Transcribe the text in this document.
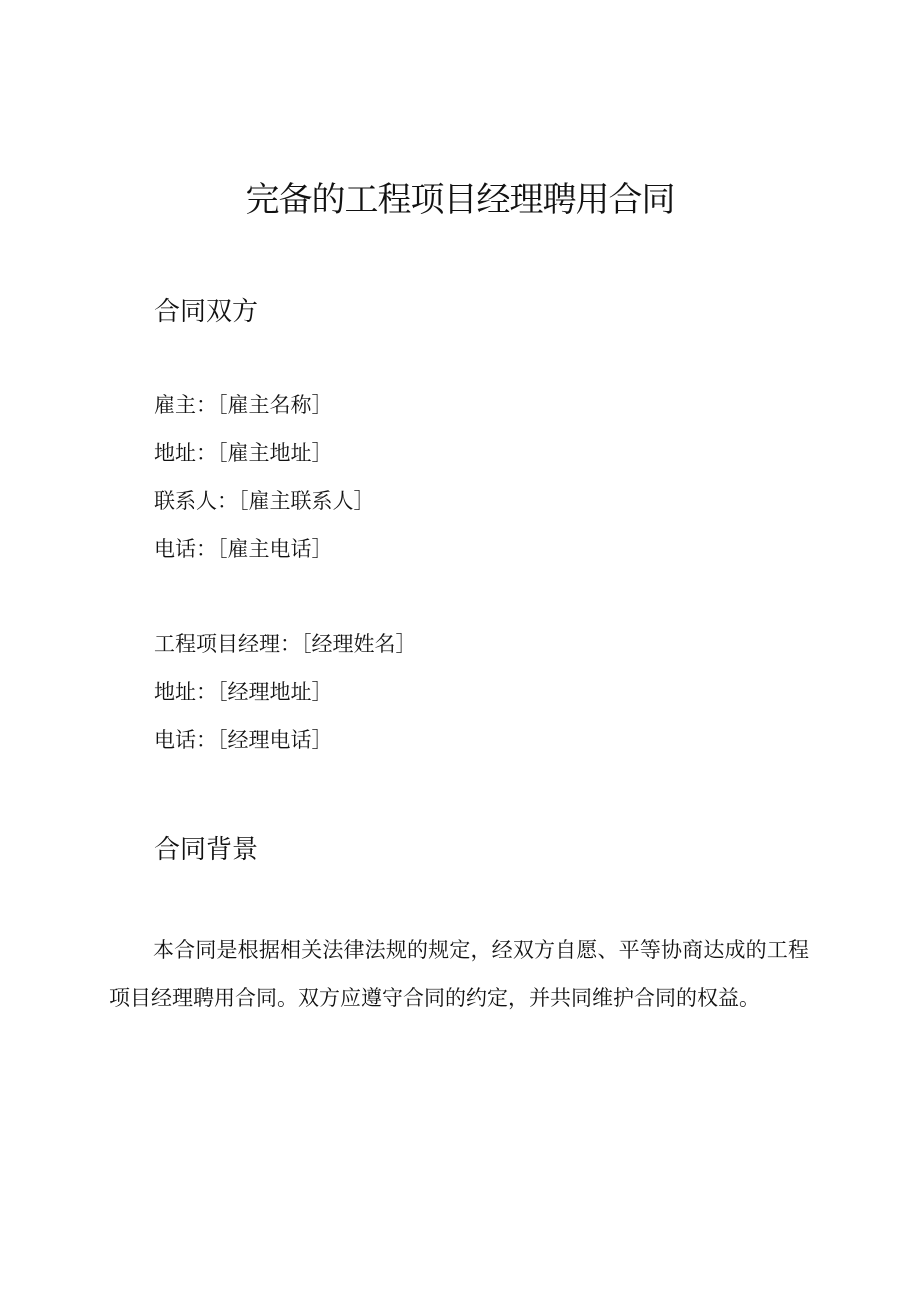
完备的工程项目经理聘用合同
合同双方
雇主：［雇主名称］
地址：［雇主地址］
联系人：［雇主联系人］
电话：［雇主电话］
工程项目经理：［经理姓名］
地址：［经理地址］
电话：［经理电话］
合同背景

本合同是根据相关法律法规的规定，经双方自愿、平等协商达成的工程项目经理聘用合同。双方应遵守合同的约定，并共同维护合同的权益。
